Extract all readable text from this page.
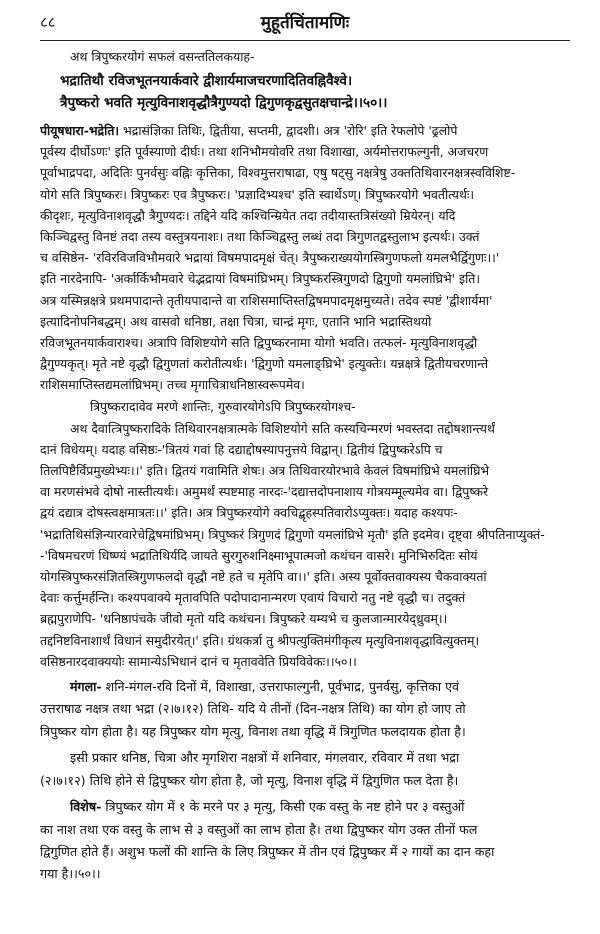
८८	मुहूर्तचिंतामणिः
अथ त्रिपुष्करयोगं सफलं वसन्ततिलकयाह-
भद्रातिथौ रविजभूतनयार्कवारे द्वीशार्यमाजचरणादितिवह्निवैश्वे।
त्रैपुष्करो भवति मृत्युविनाशवृद्धौत्रैगुण्यदो द्विगुणकृद्वसुतक्षचान्द्रे।।५०।।
पीयूषधारा-भद्रेति। भद्रासंज्ञिका तिथिः, द्वितीया, सप्तमी, द्वादशी। अत्र 'रोरि' इति रेफलोपे 'ढ्रलोपे
पूर्वस्य दीर्घोऽणः' इति पूर्वस्याणो दीर्घः। तथा शनिभौमयोर्वारे तथा विशाखा, अर्यमोत्तराफल्गुनी, अजचरण
पूर्वाभाद्रपदा, अदितिः पुनर्वसुः वह्निः कृत्तिका, विश्वमुत्तराषाढा, एषु षट्सु नक्षत्रेषु उक्ततिथिवारनक्षत्रस्वविशिष्ट-
योगे सति त्रिपुष्करः। त्रिपुष्करः एव त्रैपुष्करः। 'प्रज्ञादिभ्यश्च' इति स्वार्थेऽण्। त्रिपुष्करयोगे भवतीत्यर्थः।
कीदृशः, मृत्युविनाशवृद्धौ त्रैगुण्यदः। तद्दिने यदि कश्चिन्म्रियेत तदा तदीयास्तत्रिसंख्यो म्रियेरन्। यदि
किञ्चिद्वस्तु विनष्टं तदा तस्य वस्तुत्रयनाशः। तथा किञ्चिद्वस्तु लब्धं तदा त्रिगुणतद्वस्तुलाभ इत्यर्थः। उक्तं
च वसिष्ठेन- 'रविरविजविभौमवारे भद्रायां विषमपादमृक्षं चेत्। त्रैपुष्कराख्ययोगस्त्रिगुणफलो यमलभैर्द्विगुणः।।'
इति नारदेनापि- 'अर्कार्किभौमवारे चेद्भद्रायां विषमांघ्रिभम्। त्रिपुष्करस्त्रिगुणदो द्विगुणो यमलांघ्रिभे' इति।
अत्र यस्मिन्नक्षत्रे प्रथमपादान्ते तृतीयपादान्ते वा राशिसमाप्तिस्तद्विषमपादमृक्षमुच्यते। तदेव स्पष्टं 'द्वीशार्यमा'
इत्यादिनोपनिबद्धम्। अथ वासवो धनिष्ठा, तक्षा चित्रा, चान्द्रं मृगः, एतानि भानि भद्रास्तिथयो
रविजभूतनयार्कवाराश्च। अत्रापि विशिष्टयोगे सति द्विपुष्करनामा योगो भवति। तत्फलं- मृत्युविनाशवृद्धौ
द्वैगुण्यकृत्। मृते नष्टे वृद्धौ द्विगुणतां करोतीत्यर्थः। 'द्विगुणो यमलाङ्घ्रिभे' इत्युक्तेः। यन्नक्षत्रे द्वितीयचरणान्ते
राशिसमाप्तिस्तद्यमलांघ्रिभम्। तच्च मृगाचित्राधनिष्ठास्वरूपमेव।
त्रिपुष्करादावेव मरणे शान्तिः, गुरुवारयोगेऽपि त्रिपुष्करयोगश्च-
अथ दैवात्त्रिपुष्करादिके तिथिवारनक्षत्रात्मके विशिष्टयोगे सति कस्यचिन्मरणं भवस्तदा तद्दोषशान्त्यर्थं
दानं विधेयम्। यदाह वसिष्ठः-'त्रितयं गवां हि दद्याद्दोषस्यापनुत्तये विद्वान्। द्वितीयं द्विपुष्करेऽपि च
तिलपिष्टैर्विप्रमुख्येभ्यः।।' इति। द्वितयं गवामिति शेषः। अत्र तिथिवारयोरभावे केवलं विषमांघ्रिभे यमलांघ्रिभे
वा मरणसंभवे दोषो नास्तीत्यर्थः। अमुमर्थं स्पष्टमाह नारदः-'दद्यात्तदोपनाशाय गोत्रयम्मूल्यमेव वा। द्विपुष्करे
द्वयं दद्यात्र दोषस्त्वक्षमात्रतः।।' इति। अत्र त्रिपुष्करयोगे क्वचिद्बृहस्पतिवारोऽप्युक्तः। यदाह कश्यपः-
'भद्रातिथिसंज्ञिन्यारवारेचेद्विषमांघ्रिभम्। त्रिपुष्करं त्रिगुणदं द्विगुणो यमलांघ्रिभे मृतौ' इति इदमेव। दृष्ट्वा श्रीपतिनाप्युक्तं-
-'विषमचरणं धिष्ण्यं भद्रातिथिर्यदि जायते सुरगुरुशनिक्ष्माभूपात्मजो कथंचन वासरे। मुनिभिरुदितः सोयं
योगस्त्रिपुष्करसंज्ञितस्त्रिगुणफलदो वृद्धौ नष्टे हते च मृतेपि वा।।' इति। अस्य पूर्वोक्तवाक्यस्य चैकवाक्यतां
देवाः कर्त्तुमर्हन्ति। कश्यपवाक्ये मृतावपिति पदोपादानान्मरण एवायं विचारो नतु नष्टे वृद्धौ च। तदुक्तं
ब्रह्मपुराणेपि- 'धनिष्ठापंचके जीवो मृतो यदि कथंचन। त्रिपुष्करे यम्यभे च कुलजान्मारयेद्ध्रुवम्।।
तद्दनिष्टविनाशार्थं विधानं समुदीरयेत्।' इति। ग्रंथकर्त्रा तु श्रीपत्युक्तिमंगीकृत्य मृत्युविनाशवृद्धावित्युक्तम्।
वसिष्ठनारदवाक्ययोः सामान्येऽभिधानं दानं च मृताववेति प्रियविवेकः।।५०।।
मंगला- शनि-मंगल-रवि दिनों में, विशाखा, उत्तराफाल्गुनी, पूर्वभाद्र, पुनर्वसु, कृत्तिका एवं
उत्तराषाढ नक्षत्र तथा भद्रा (२।७।१२) तिथि- यदि ये तीनों (दिन-नक्षत्र तिथि) का योग हो जाए तो
त्रिपुष्कर योग होता है। यह त्रिपुष्कर योग मृत्यु, विनाश तथा वृद्धि में त्रिगुणित फलदायक होता है।
इसी प्रकार धनिष्ठ, चित्रा और मृगशिरा नक्षत्रों में शनिवार, मंगलवार, रविवार में तथा भद्रा
(२।७।१२) तिथि होने से द्विपुष्कर योग होता है, जो मृत्यु, विनाश वृद्धि में द्विगुणित फल देता है।
विशेष- त्रिपुष्कर योग में १ के मरने पर ३ मृत्यु, किसी एक वस्तु के नष्ट होने पर ३ वस्तुओं
का नाश तथा एक वस्तु के लाभ से ३ वस्तुओं का लाभ होता है। तथा द्विपुष्कर योग उक्त तीनों फल
द्विगुणित होते हैं। अशुभ फलों की शान्ति के लिए त्रिपुष्कर में तीन एवं द्विपुष्कर में २ गायों का दान कहा
गया है।।५०।।
